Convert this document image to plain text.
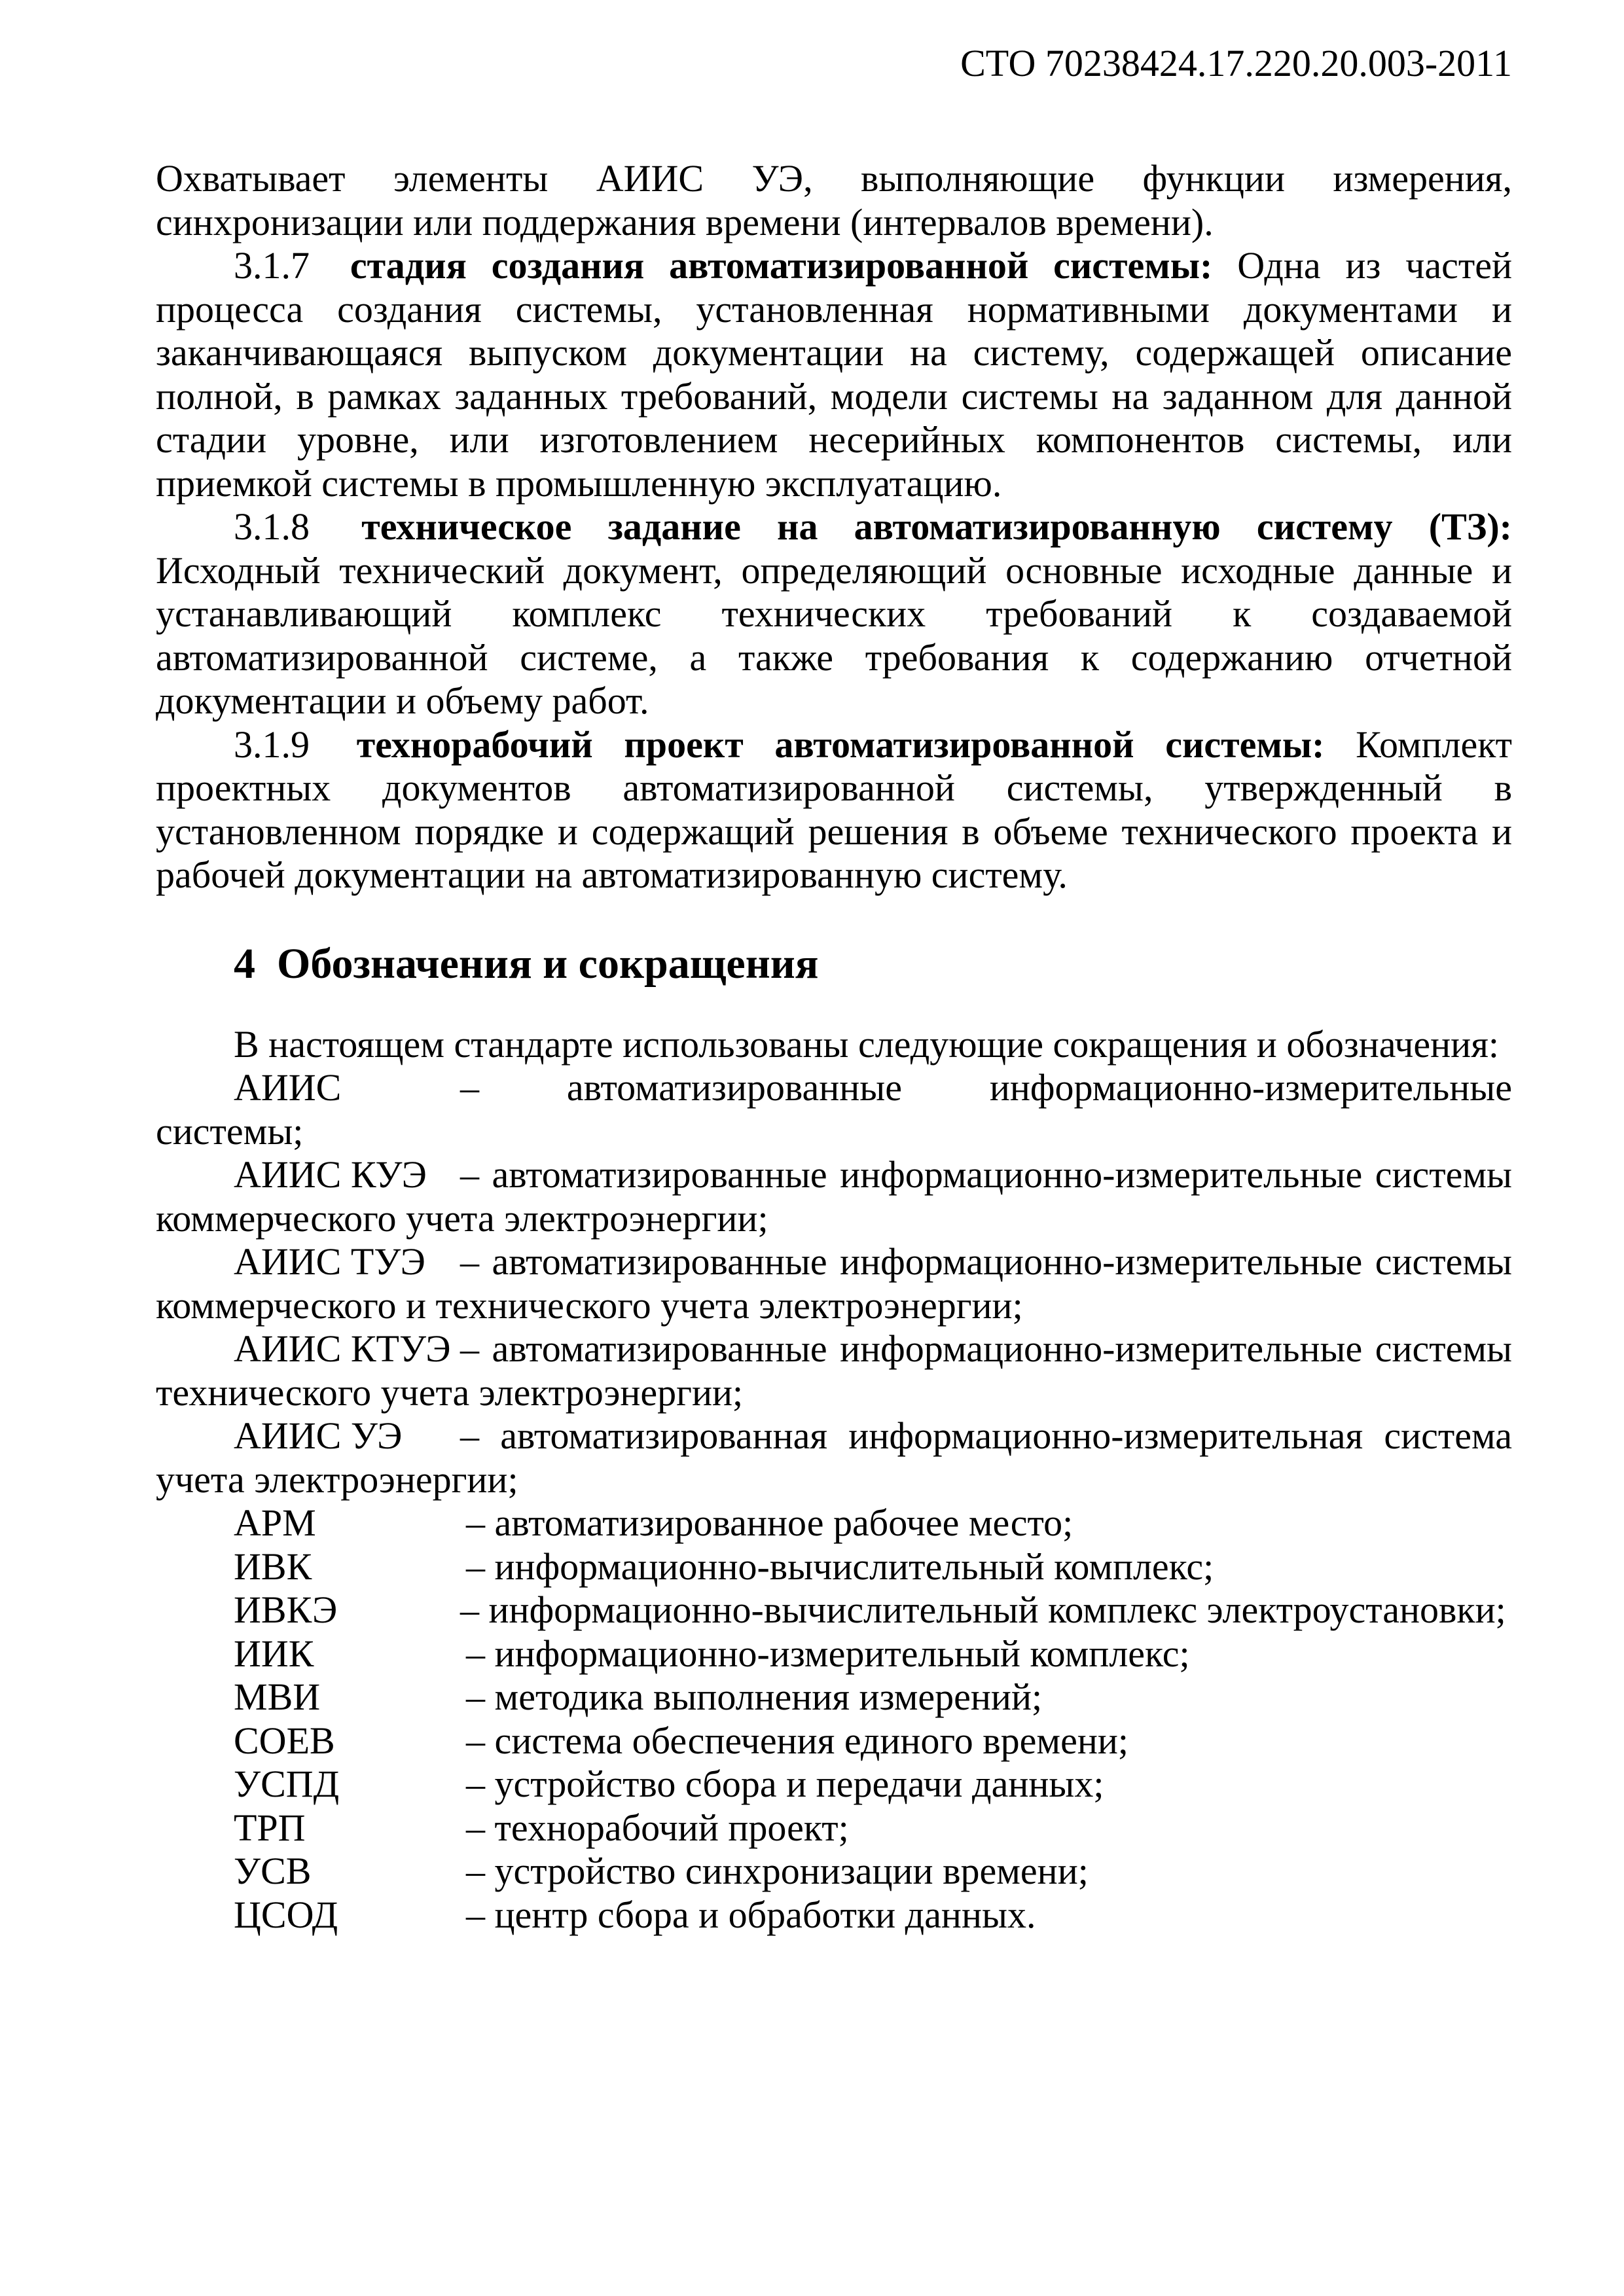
СТО 70238424.17.220.20.003-2011

Охватывает элементы АИИС УЭ, выполняющие функции измерения, синхронизации или поддержания времени (интервалов времени).

3.1.7 стадия создания автоматизированной системы: Одна из частей процесса создания системы, установленная нормативными документами и заканчивающаяся выпуском документации на систему, содержащей описание полной, в рамках заданных требований, модели системы на заданном для данной стадии уровне, или изготовлением несерийных компонентов системы, или приемкой системы в промышленную эксплуатацию.

3.1.8 техническое задание на автоматизированную систему (ТЗ): Исходный технический документ, определяющий основные исходные данные и устанавливающий комплекс технических требований к создаваемой автоматизированной системе, а также требования к содержанию отчетной документации и объему работ.

3.1.9 технорабочий проект автоматизированной системы: Комплект проектных документов автоматизированной системы, утвержденный в установленном порядке и содержащий решения в объеме технического проекта и рабочей документации на автоматизированную систему.

4 Обозначения и сокращения

В настоящем стандарте использованы следующие сокращения и обозначения:

АИИС	– автоматизированные информационно-измерительные системы;

АИИС КУЭ – автоматизированные информационно-измерительные системы коммерческого учета электроэнергии;

АИИС ТУЭ – автоматизированные информационно-измерительные системы коммерческого и технического учета электроэнергии;

АИИС КТУЭ – автоматизированные информационно-измерительные системы технического учета электроэнергии;

АИИС УЭ – автоматизированная информационно-измерительная система учета электроэнергии;

АРМ	– автоматизированное рабочее место;
ИВК	– информационно-вычислительный комплекс;

ИВКЭ	– информационно-вычислительный комплекс электроустановки;

ИИК	– информационно-измерительный комплекс;
МВИ	– методика выполнения измерений;
СОЕВ	– система обеспечения единого времени;
УСПД	– устройство сбора и передачи данных;
ТРП	– технорабочий проект;
УСВ	– устройство синхронизации времени;
ЦСОД	– центр сбора и обработки данных.
